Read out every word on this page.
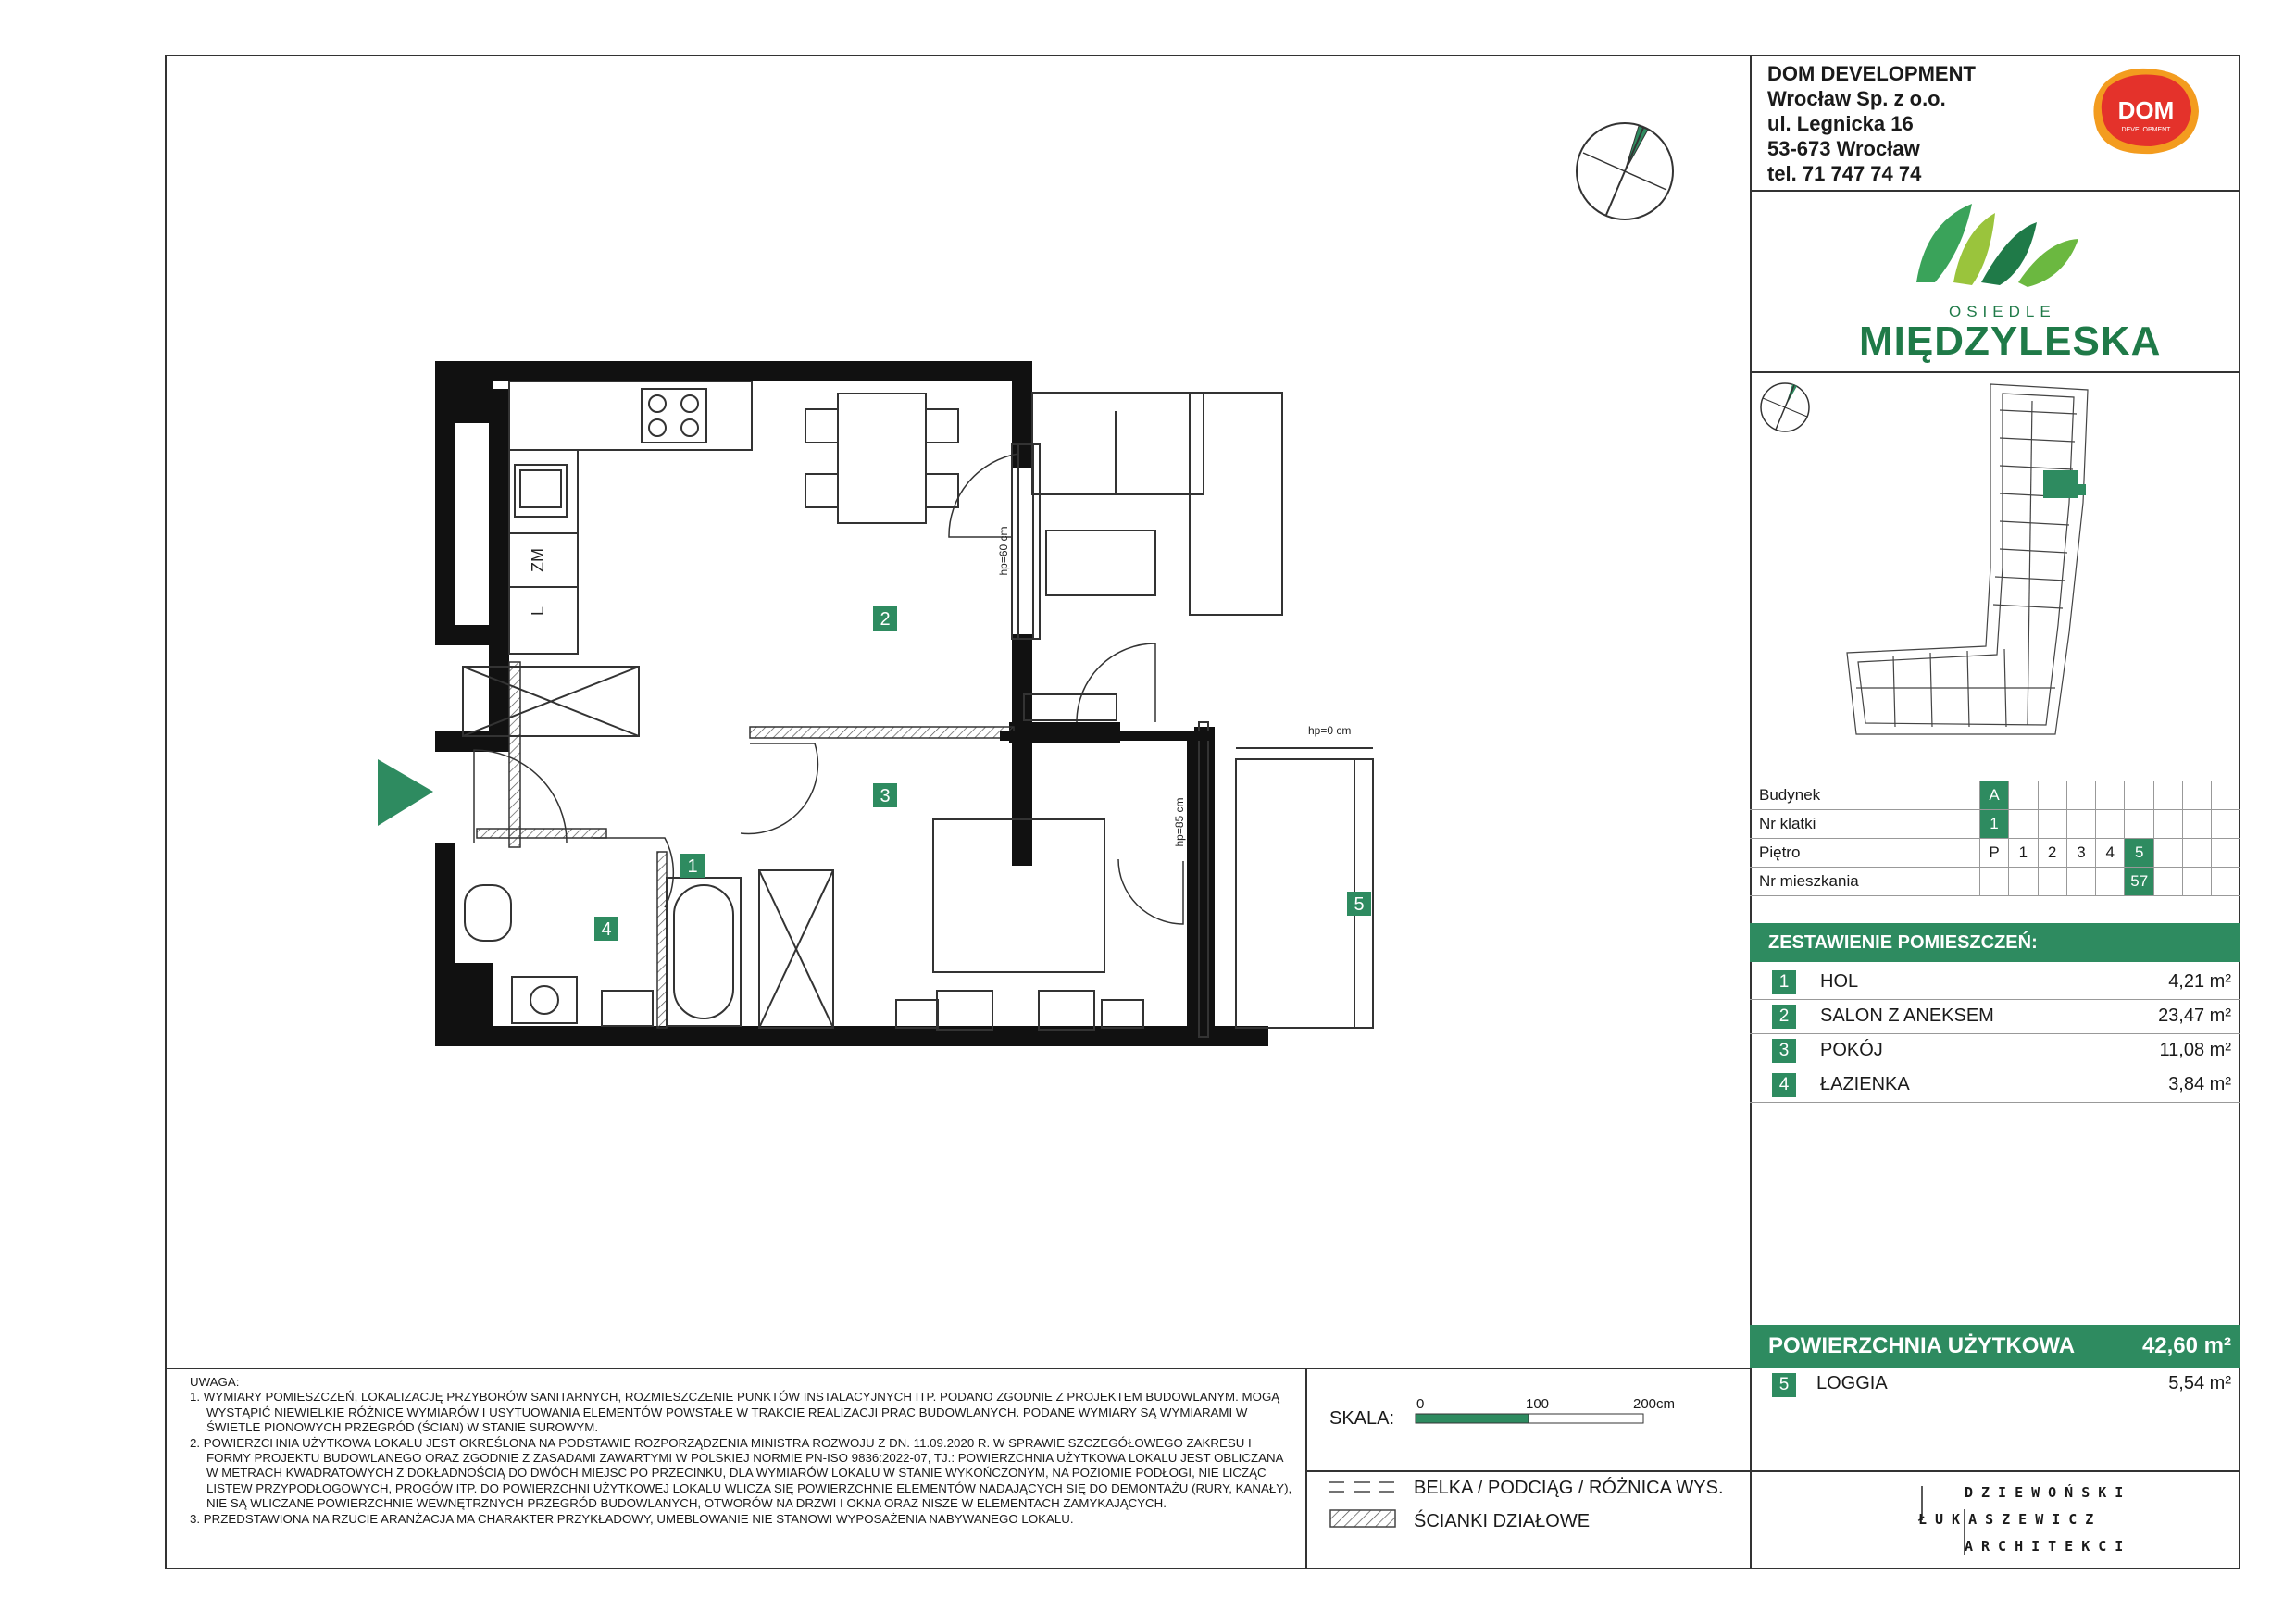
DOM DEVELOPMENT
Wrocław Sp. z o.o.
ul. Legnicka 16
53-673 Wrocław
tel. 71 747 74 74
DOM
DEVELOPMENT
OSIEDLE
MIĘDZYLESKA
Budynek	A								
Nr klatki	1								
Piętro	P	1	2	3	4	5			
Nr mieszkania						57			
ZESTAWIENIE POMIESZCZEŃ:
1	HOL	4,21 m²
2	SALON Z ANEKSEM	23,47 m²
3	POKÓJ	11,08 m²
4	ŁAZIENKA	3,84 m²
POWIERZCHNIA UŻYTKOWA	42,60 m²
5	LOGGIA	5,54 m²

UWAGA:

1. WYMIARY POMIESZCZEŃ, LOKALIZACJĘ PRZYBORÓW SANITARNYCH, ROZMIESZCZENIE PUNKTÓW INSTALACYJNYCH ITP. PODANO ZGODNIE Z PROJEKTEM BUDOWLANYM. MOGĄ WYSTĄPIĆ NIEWIELKIE RÓŻNICE WYMIARÓW I USYTUOWANIA ELEMENTÓW POWSTAŁE W TRAKCIE REALIZACJI PRAC BUDOWLANYCH. PODANE WYMIARY SĄ WYMIARAMI W ŚWIETLE PIONOWYCH PRZEGRÓD (ŚCIAN) W STANIE SUROWYM.

2. POWIERZCHNIA UŻYTKOWA LOKALU JEST OKREŚLONA NA PODSTAWIE ROZPORZĄDZENIA MINISTRA ROZWOJU Z DN. 11.09.2020 R. W SPRAWIE SZCZEGÓŁOWEGO ZAKRESU I FORMY PROJEKTU BUDOWLANEGO ORAZ ZGODNIE Z ZASADAMI ZAWARTYMI W POLSKIEJ NORMIE PN-ISO 9836:2022-07, TJ.: POWIERZCHNIA UŻYTKOWA LOKALU JEST OBLICZANA W METRACH KWADRATOWYCH Z DOKŁADNOŚCIĄ DO DWÓCH MIEJSC PO PRZECINKU, DLA WYMIARÓW LOKALU W STANIE WYKOŃCZONYM, NA POZIOMIE PODŁOGI, NIE LICZĄC LISTEW PRZYPODŁOGOWYCH, PROGÓW ITP. DO POWIERZCHNI UŻYTKOWEJ LOKALU WLICZA SIĘ POWIERZCHNIE ELEMENTÓW NADAJĄCYCH SIĘ DO DEMONTAŻU (RURY, KANAŁY), NIE SĄ WLICZANE POWIERZCHNIE WEWNĘTRZNYCH PRZEGRÓD BUDOWLANYCH, OTWORÓW NA DRZWI I OKNA ORAZ NISZE W ELEMENTACH ZAMYKAJĄCYCH.

3. PRZEDSTAWIONA NA RZUCIE ARANŻACJA MA CHARAKTER PRZYKŁADOWY, UMEBLOWANIE NIE STANOWI WYPOSAŻENIA NABYWANEGO LOKALU.

SKALA:
0	100	200cm
BELKA / PODCIĄG / RÓŻNICA WYS.
ŚCIANKI DZIAŁOWE
DZIEWOŃSKI
ŁUKASZEWICZ
ARCHITEKCI
1
2
3
4
5
ZM
L
hp=60 cm
hp=0 cm
hp=85 cm
